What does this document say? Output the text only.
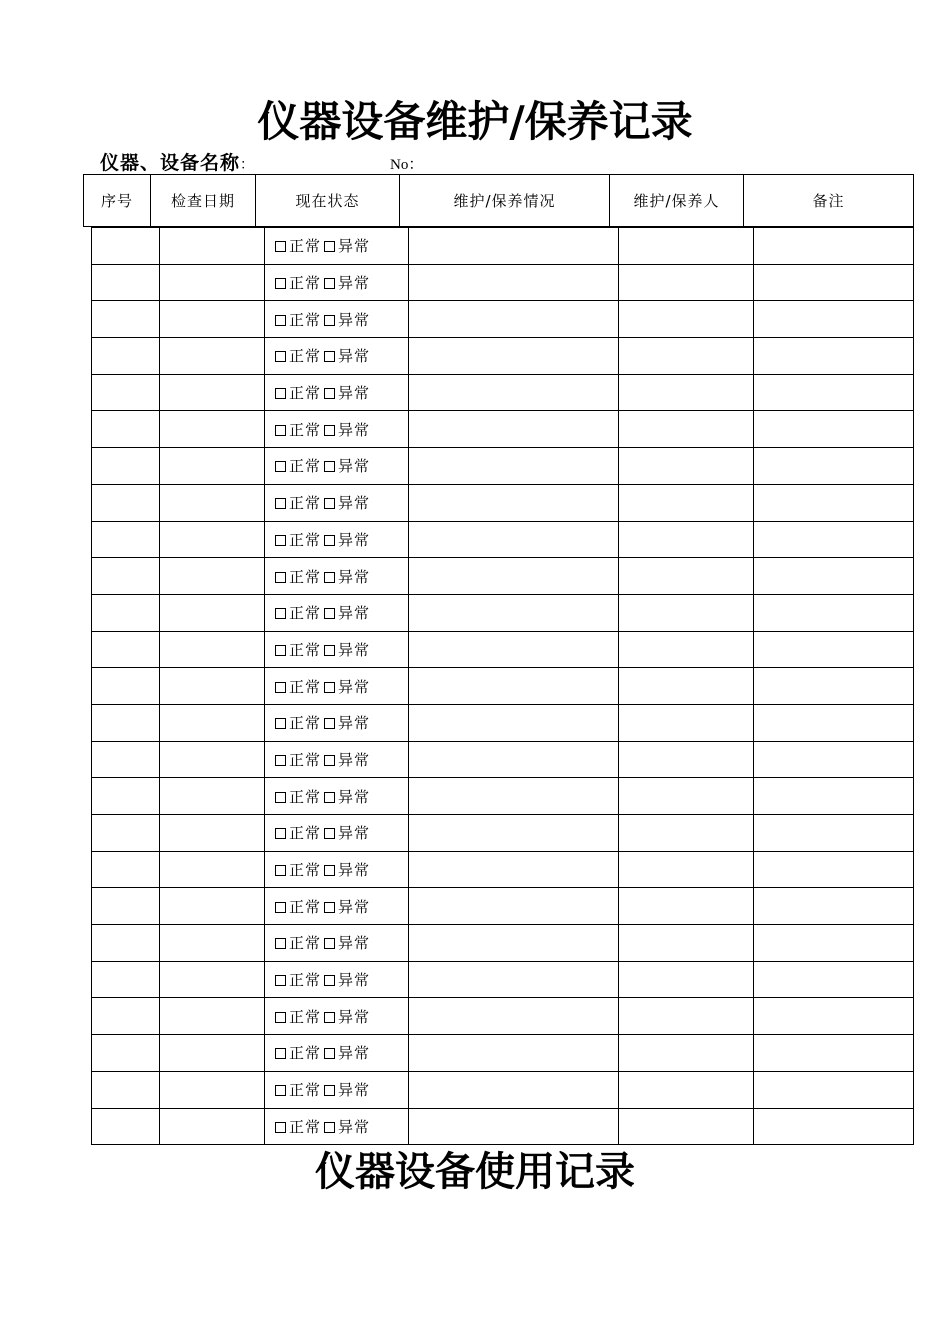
仪器设备维护/保养记录
仪器、设备名称：	No：
序号	检查日期	现在状态	维护/保养情况	维护/保养人	备注
		正常 异常			
		正常 异常			
		正常 异常			
		正常 异常			
		正常 异常			
		正常 异常			
		正常 异常			
		正常 异常			
		正常 异常			
		正常 异常			
		正常 异常			
		正常 异常			
		正常 异常			
		正常 异常			
		正常 异常			
		正常 异常			
		正常 异常			
		正常 异常			
		正常 异常			
		正常 异常			
		正常 异常			
		正常 异常			
		正常 异常			
		正常 异常			
		正常 异常			
仪器设备使用记录
